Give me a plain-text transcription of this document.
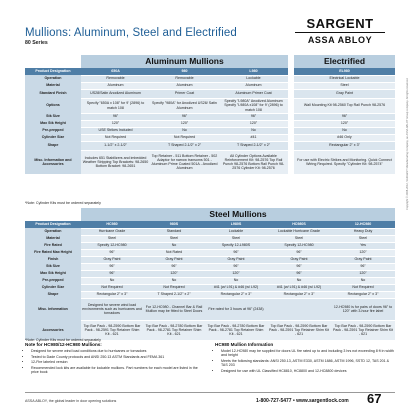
Mullions: Aluminum, Steel and Electrified
80 Series
SARGENT
ASSA ABLOY
	Aluminum Mullions				Electrified
Product Designation	650A	980	L980		EL980
Operation	Removable	Removable	Lockable		Electrical Lockable
Material	Aluminum	Aluminum	Aluminum		Steel
Standard Finish	US28/Satin Anodized Aluminum	Primer Coat	Aluminum Primer Coat		Gray Paint
Options	Specify "650A x 108" for 9' (2896) to match 108	Specify "980A" for Anodized US28/ Satin Aluminum	Specify "L980A" Anodized Aluminum Specify "L980A x108" for 9' (2896) to match 108		Wall Mounting Kit 98-2560 Top Rail Punch 98-2576
Stk Size	96"	96"	96"		96"
Max Stk Height	120"	120"	120"		120"
Pre-prepped	USE Strikes Included	No	No		No
Cylinder Size	Not Required	Not Required	#41		#46 Only
Shape	1-1/2" x 2-1/2"	T Shaped 2-1/2" x 2"	T Shaped 2-1/2" x 2"		Rectangular 2" x 3"
Misc. Information and Accessories	Includes 651 Stabilizers and imbedded Weather Stripping Top Brackets: 98-2650 Bottom Bracket: 98-2651	Top Retainer - 511 Bottom Retainer - 502 Adaptor for narrow transoms 501 - Aluminum Prime Coated 501A - Anodized Aluminum	All Cylinder Options Available Reinforcement Kit: 98-2576 Top Rail Punch 98-2576 Bottom Rail Punch 98-2576 Cylinder Kit: 98-2576		For use with Electric Strikes and Monitoring. Quick Connect Wiring Required. Specify "Cylinder Kit: 98-2574"
*Note: Cylinder Kits must be ordered separately
	Steel Mullions				
Product Designation	HC980	980S	L980S	HC980S	12-HC980
Operation	Hurricane Grade	Standard	Lockable	Lockable Hurricane Grade	Heavy Duty
Material	Steel	Steel	Steel	Steel	Steel
Fire Rated	Specify 12-HC980	No	Specify 12-L980S	Specify 12-HC980	Yes
Fire Rated Max Height	96"	Not Rated	96"	96"	120"
Finish	Gray Paint	Gray Paint	Gray Paint	Gray Paint	Gray Paint
Stk Size	96"	96"	96"	96"	96"
Max Stk Height	96"	120"	120"	96"	120"
Pre-prepped	No	No	No	No	No
Cylinder Size	Not Required	Not Required	#41 (w/ L91) & #46 (w/ L92)	#41 (w/ L91) & #46 (w/ L92)	Not Required
Shape	Rectangular 2" x 3"	T Shaped 2-1/2" x 2"	Rectangular 2" x 3"	Rectangular 2" x 3"	Rectangular 2" x 3"
Misc. Information	Designed for severe wind load environments such as hurricanes and tornadoes	For 12-HC980 - Channel Bar & Rail Mullion may be fitted to Steel Doors	Fire rated for 3 hours at 96" (2438)		12-HC980 is for pairs of doors 96" to 120" with 3-hour fire label
Accessories	Top Bar Pack - 98-2590 Bottom Bar Pack - 98-2591 Top Retainer Shim Kit - 621	Top Bar Pack - 98-2780 Bottom Bar Pack - 98-2781 Top Retainer Shim Kit - 621	Top Bar Pack - 98-2780 Bottom Bar Pack - 98-2781 Top Retainer Shim Kit - 621	Top Bar Pack - 98-2590 Bottom Bar Pack - 98-2591 Top Retainer Shim Kit - 621	Top Bar Pack - 98-2590 Bottom Bar Pack - 98-2591 Top Retainer Shim Kit - 621
*Note: Cylinder Kits must be ordered separately
Note for HC980/12-HC980 Mullions:
• Designed for severe wind load conditions due to hurricanes or tornadoes
• Tested to Dade County protocols and ANSI 250.13 ASTM Standards and FEMA 361
• 12-Fire labeled version
• Recommended lock kits are available for lockable mullions. Part numbers for each model are listed in the price book
HC980 Mullion Information
• Model 12-HC980 may be supplied for doors UL fire rated up to and including 3 hrs not exceeding 8 ft in width and height
• Meets the following standards: ANSI 250.13, ASTM E330, ASTM 1886, ASTM 1996, SSTD 12, TAS 201 & TAS 203
• Designed for use with UL Classified HC8810, HC8800 and 12-HC8800 devices
ASSA ABLOY, the global leader in door opening solutions	1-800-727-5477 • www.sargentlock.com 67
Copyright © 2008-2012, SARGENT Manufacturing Company, an ASSA ABLOY Group company. All rights reserved.
